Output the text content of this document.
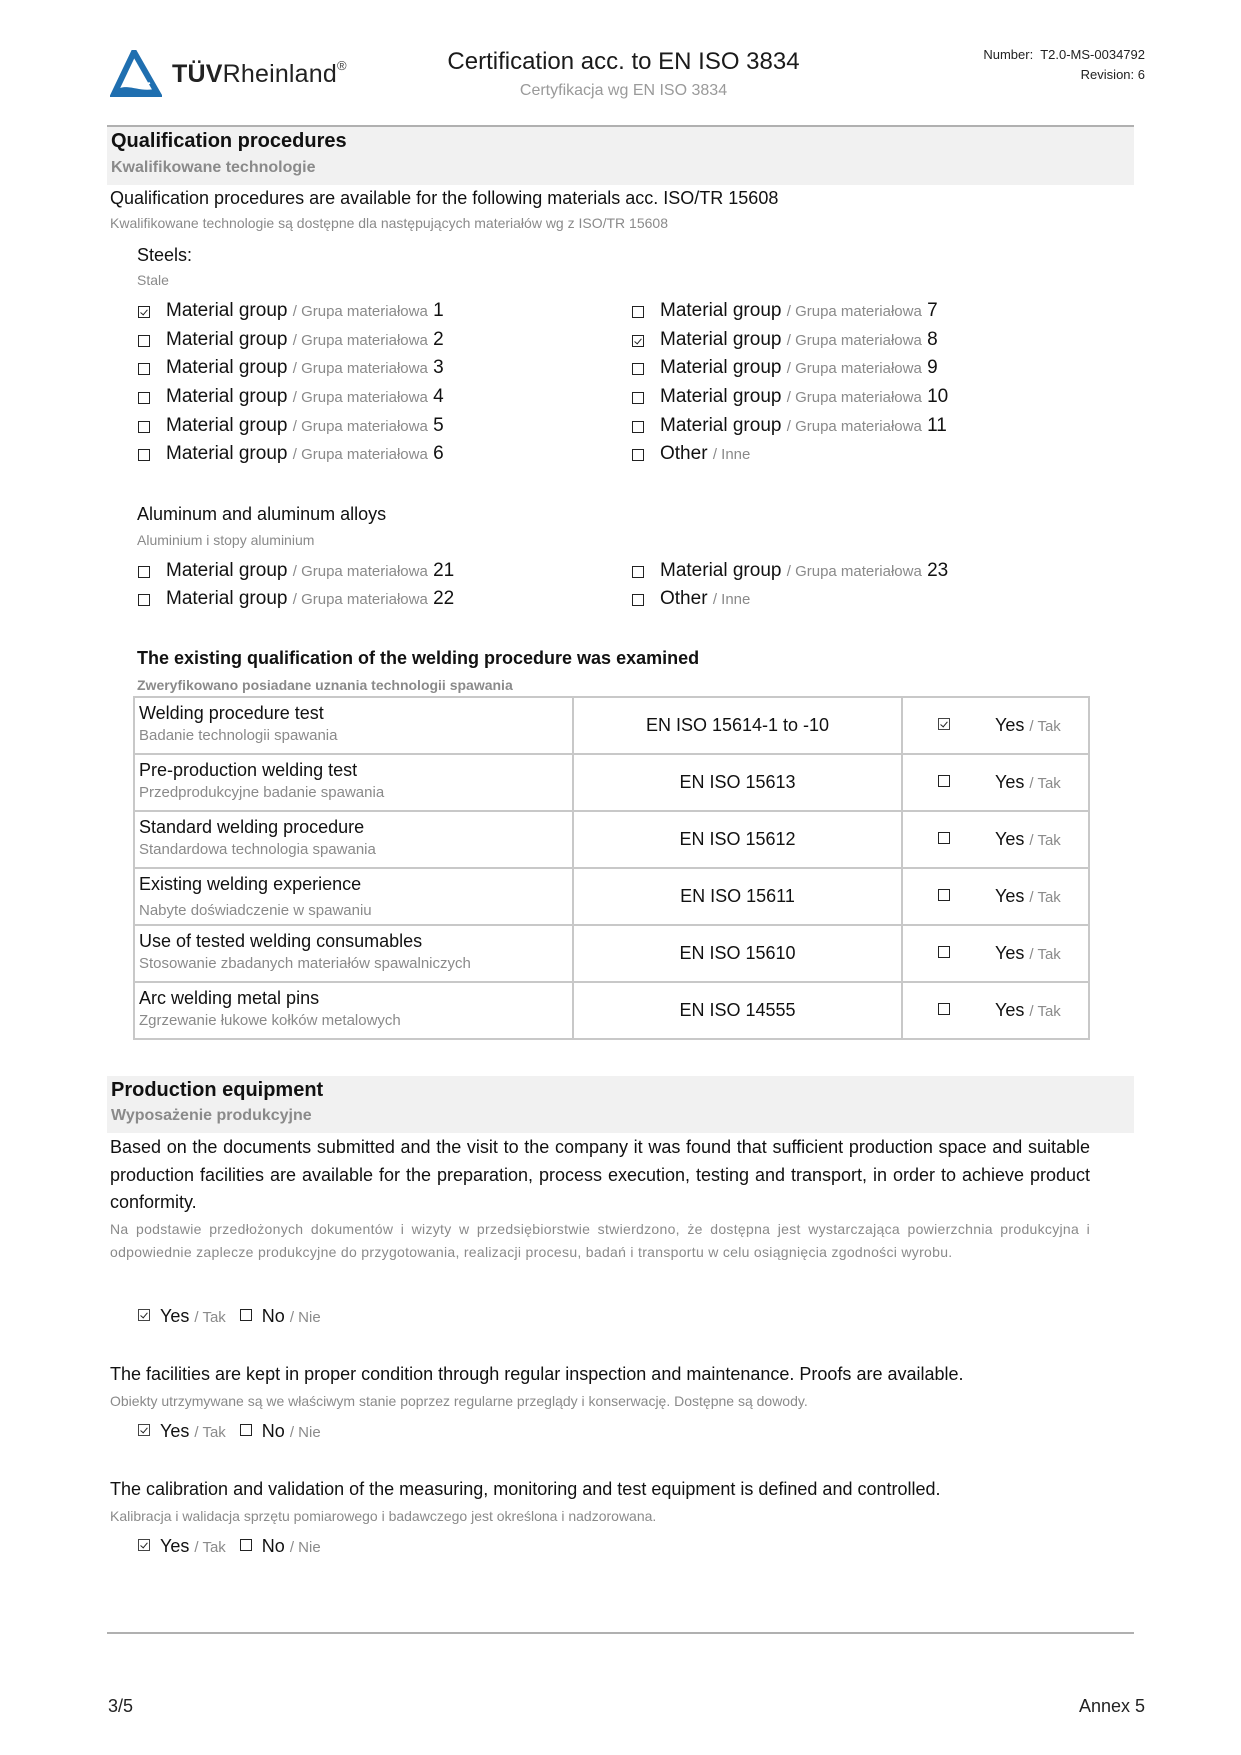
TÜVRheinland®	Certification acc. to EN ISO 3834
Certyfikacja wg EN ISO 3834
Number: T2.0-MS-0034792
Revision: 6
Qualification procedures
Kwalifikowane technologie
Qualification procedures are available for the following materials acc. ISO/TR 15608
Kwalifikowane technologie są dostępne dla następujących materiałów wg z ISO/TR 15608
Steels:
Stale
Material group / Grupa materiałowa 1
Material group / Grupa materiałowa 2
Material group / Grupa materiałowa 3
Material group / Grupa materiałowa 4
Material group / Grupa materiałowa 5
Material group / Grupa materiałowa 6
Material group / Grupa materiałowa 7
Material group / Grupa materiałowa 8
Material group / Grupa materiałowa 9
Material group / Grupa materiałowa 10
Material group / Grupa materiałowa 11
Other / Inne
Aluminum and aluminum alloys
Aluminium i stopy aluminium
Material group / Grupa materiałowa 21
Material group / Grupa materiałowa 22
Material group / Grupa materiałowa 23
Other / Inne
The existing qualification of the welding procedure was examined
Zweryfikowano posiadane uznania technologii spawania
Welding procedure test
Badanie technologii spawania	EN ISO 15614-1 to -10	Yes / Tak

Pre-production welding test
Przedprodukcyjne badanie spawania	EN ISO 15613	Yes / Tak

Standard welding procedure
Standardowa technologia spawania	EN ISO 15612	Yes / Tak

Existing welding experience
Nabyte doświadczenie w spawaniu	EN ISO 15611	Yes / Tak

Use of tested welding consumables
Stosowanie zbadanych materiałów spawalniczych	EN ISO 15610	Yes / Tak

Arc welding metal pins
Zgrzewanie łukowe kołków metalowych	EN ISO 14555	Yes / Tak
Production equipment
Wyposażenie produkcyjne
Based on the documents submitted and the visit to the company it was found that sufficient production space and suitable production facilities are available for the preparation, process execution, testing and transport, in order to achieve product conformity.
Na podstawie przedłożonych dokumentów i wizyty w przedsiębiorstwie stwierdzono, że dostępna jest wystarczająca powierzchnia produkcyjna i odpowiednie zaplecze produkcyjne do przygotowania, realizacji procesu, badań i transportu w celu osiągnięcia zgodności wyrobu.
Yes / Tak No / Nie
The facilities are kept in proper condition through regular inspection and maintenance. Proofs are available.
Obiekty utrzymywane są we właściwym stanie poprzez regularne przeglądy i konserwację. Dostępne są dowody.
Yes / Tak No / Nie
The calibration and validation of the measuring, monitoring and test equipment is defined and controlled.
Kalibracja i walidacja sprzętu pomiarowego i badawczego jest określona i nadzorowana.
Yes / Tak No / Nie
3/5	Annex 5
